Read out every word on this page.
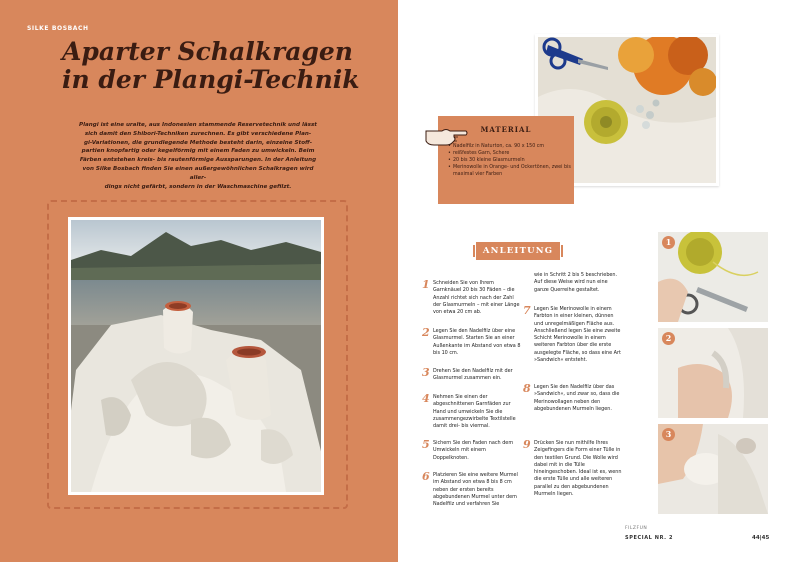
SILKE BOSBACH
Aparter Schalkragen
in der Plangi-Technik
Plangi ist eine uralte, aus Indonesien stammende Reservetechnik und lässt
sich damit den Shibori-Techniken zurechnen. Es gibt verschiedene Plan-
gi-Variationen, die grundlegende Methode besteht darin, einzelne Stoff-
partien knopfartig oder kegelförmig mit einem Faden zu umwickeln. Beim
Färben entstehen kreis- bis rautenförmige Aussparungen. In der Anleitung
von Silke Bosbach finden Sie einen außergewöhnlichen Schalkragen wird aller-
dings nicht gefärbt, sondern in der Waschmaschine gefilzt.
MATERIAL
• Nadelfilz in Naturton, ca. 90 x 150 cm
• reißfestes Garn, Schere
• 20 bis 30 kleine Glasmurmeln
• Merinowolle in Orange- und Ockertönen, zwei bis maximal vier Farben
ANLEITUNG
1 Schneiden Sie von Ihrem Garnknäuel 20 bis 30 Fäden – die Anzahl richtet sich nach der Zahl der Glasmurmeln – mit einer Länge von etwa 20 cm ab.
2 Legen Sie den Nadelfilz über eine Glasmurmel. Starten Sie an einer Außenkante im Abstand von etwa 8 bis 10 cm.
3 Drehen Sie den Nadelfilz mit der Glasmurmel zusammen ein.
4 Nehmen Sie einen der abgeschnittenen Garnfäden zur Hand und umwickeln Sie die zusammengezwirbelte Textilstelle damit drei- bis viermal.
5 Sichern Sie den Faden nach dem Umwickeln mit einem Doppelknoten.
6 Platzieren Sie eine weitere Murmel im Abstand von etwa 8 bis 8 cm neben der ersten bereits abgebundenen Murmel unter dem Nadelfilz und verfahren Sie
wie in Schritt 2 bis 5 beschrieben. Auf diese Weise wird nun eine ganze Querreihe gestaltet.
7 Legen Sie Merinowolle in einem Farbton in einer kleinen, dünnen und unregelmäßigen Fläche aus. Anschließend legen Sie eine zweite Schicht Merinowolle in einem weiteren Farbton über die erste ausgelegte Fläche, so dass eine Art »Sandwich« entsteht.
8 Legen Sie den Nadelfilz über das »Sandwich«, und zwar so, dass die Merinowollagen neben den abgebundenen Murmeln liegen.
9 Drücken Sie nun mithilfe Ihres Zeigefingers die Form einer Tülle in den textilen Grund. Die Wolle wird dabei mit in die Tülle hineingeschoben. Ideal ist es, wenn die erste Tülle und alle weiteren parallel zu den abgebundenen Murmeln liegen.
1
2
3
FILZFUN
SPECIAL NR. 2	44|45
